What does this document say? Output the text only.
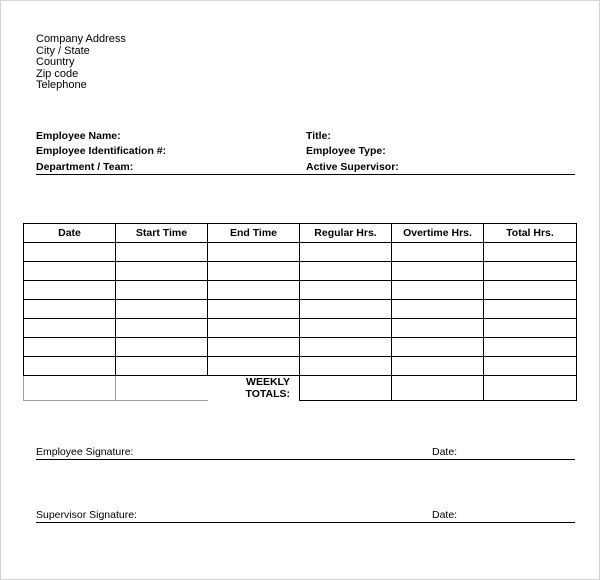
Company Address
City / State
Country
Zip code
Telephone
Employee Name:
Employee Identification #:
Department / Team:
Title:
Employee Type:
Active Supervisor:
Date	Start Time	End Time	Regular Hrs.	Overtime Hrs.	Total Hrs.

		WEEKLY TOTALS:			
Employee Signature:	Date:
Supervisor Signature:	Date:
